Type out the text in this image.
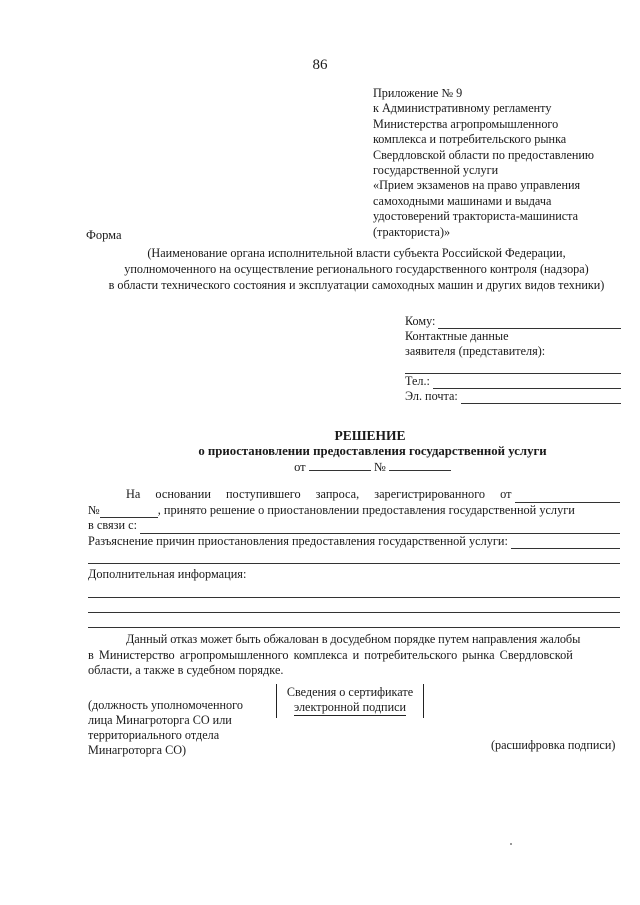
86
Приложение № 9
к Административному регламенту
Министерства агропромышленного
комплекса и потребительского рынка
Свердловской области по предоставлению
государственной услуги
«Прием экзаменов на право управления
самоходными машинами и выдача
удостоверений тракториста-машиниста
(тракториста)»
Форма
(Наименование органа исполнительной власти субъекта Российской Федерации,
уполномоченного на осуществление регионального государственного контроля (надзора)
в области технического состояния и эксплуатации самоходных машин и других видов техники)
Кому:
Контактные данные
заявителя (представителя):
Тел.:
Эл. почта:
РЕШЕНИЕ
о приостановлении предоставления государственной услуги
от	№
На основании поступившего запроса, зарегистрированного от
№	, принято решение о приостановлении предоставления государственной услуги
в связи с:
Разъяснение причин приостановления предоставления государственной услуги:
Дополнительная информация:
Данный отказ может быть обжалован в досудебном порядке путем направления жалобы
в Министерство агропромышленного комплекса и потребительского рынка Свердловской
области, а также в судебном порядке.
(должность уполномоченного
лица Минагроторга СО или
территориального отдела
Минагроторга СО)
Сведения о сертификате
электронной подписи
(расшифровка подписи)
